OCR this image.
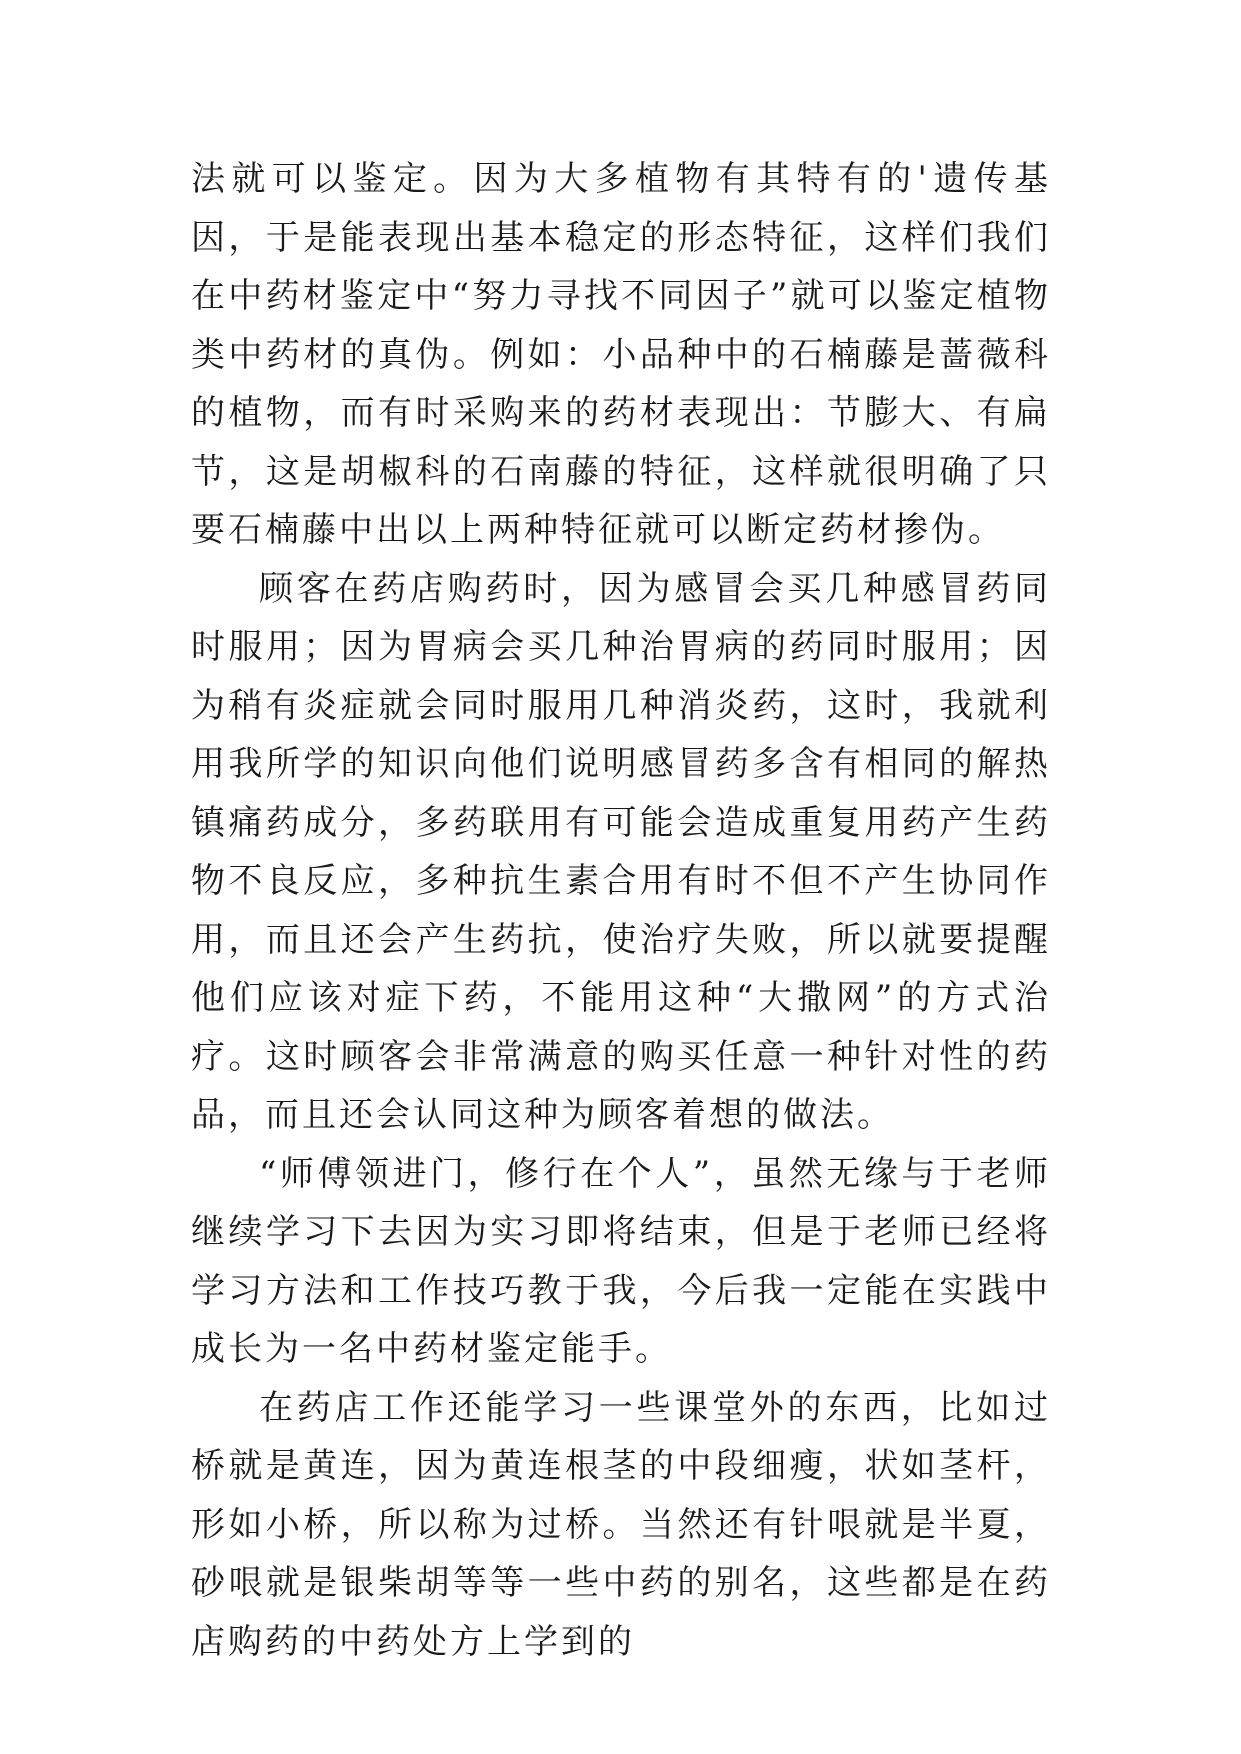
法就可以鉴定。因为大多植物有其特有的'遗传基因，于是能表现出基本稳定的形态特征，这样们我们在中药材鉴定中“努力寻找不同因子”就可以鉴定植物类中药材的真伪。例如：小品种中的石楠藤是蔷薇科的植物，而有时采购来的药材表现出：节膨大、有扁节，这是胡椒科的石南藤的特征，这样就很明确了只要石楠藤中出以上两种特征就可以断定药材掺伪。

顾客在药店购药时，因为感冒会买几种感冒药同时服用；因为胃病会买几种治胃病的药同时服用；因为稍有炎症就会同时服用几种消炎药，这时，我就利用我所学的知识向他们说明感冒药多含有相同的解热镇痛药成分，多药联用有可能会造成重复用药产生药物不良反应，多种抗生素合用有时不但不产生协同作用，而且还会产生药抗，使治疗失败，所以就要提醒他们应该对症下药，不能用这种“大撒网”的方式治疗。这时顾客会非常满意的购买任意一种针对性的药品，而且还会认同这种为顾客着想的做法。

“师傅领进门，修行在个人”，虽然无缘与于老师继续学习下去因为实习即将结束，但是于老师已经将学习方法和工作技巧教于我，今后我一定能在实践中成长为一名中药材鉴定能手。

在药店工作还能学习一些课堂外的东西，比如过桥就是黄连，因为黄连根茎的中段细瘦，状如茎杆，形如小桥，所以称为过桥。当然还有针哏就是半夏，砂哏就是银柴胡等等一些中药的别名，这些都是在药店购药的中药处方上学到的
